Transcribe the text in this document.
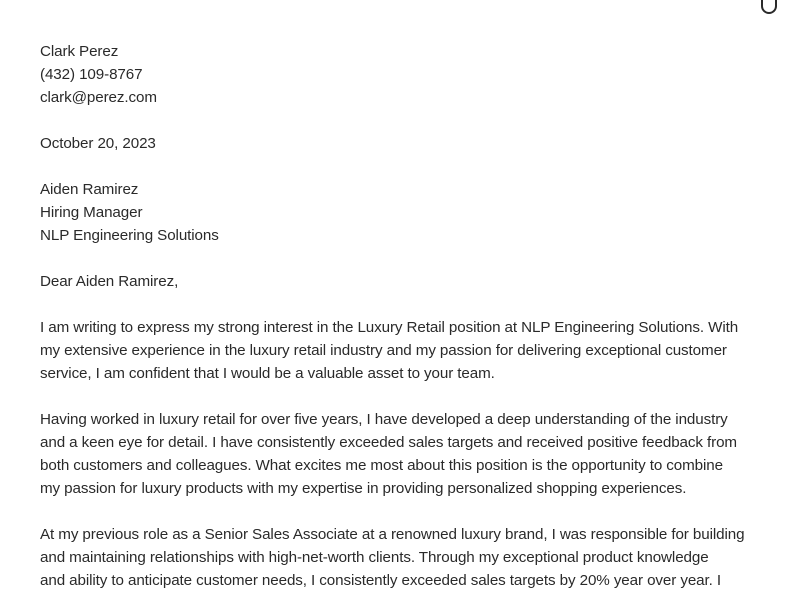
Clark Perez
(432) 109-8767
clark@perez.com
October 20, 2023
Aiden Ramirez
Hiring Manager
NLP Engineering Solutions
Dear Aiden Ramirez,
I am writing to express my strong interest in the Luxury Retail position at NLP Engineering Solutions. With
my extensive experience in the luxury retail industry and my passion for delivering exceptional customer
service, I am confident that I would be a valuable asset to your team.
Having worked in luxury retail for over five years, I have developed a deep understanding of the industry
and a keen eye for detail. I have consistently exceeded sales targets and received positive feedback from
both customers and colleagues. What excites me most about this position is the opportunity to combine
my passion for luxury products with my expertise in providing personalized shopping experiences.
At my previous role as a Senior Sales Associate at a renowned luxury brand, I was responsible for building
and maintaining relationships with high-net-worth clients. Through my exceptional product knowledge
and ability to anticipate customer needs, I consistently exceeded sales targets by 20% year over year. I
